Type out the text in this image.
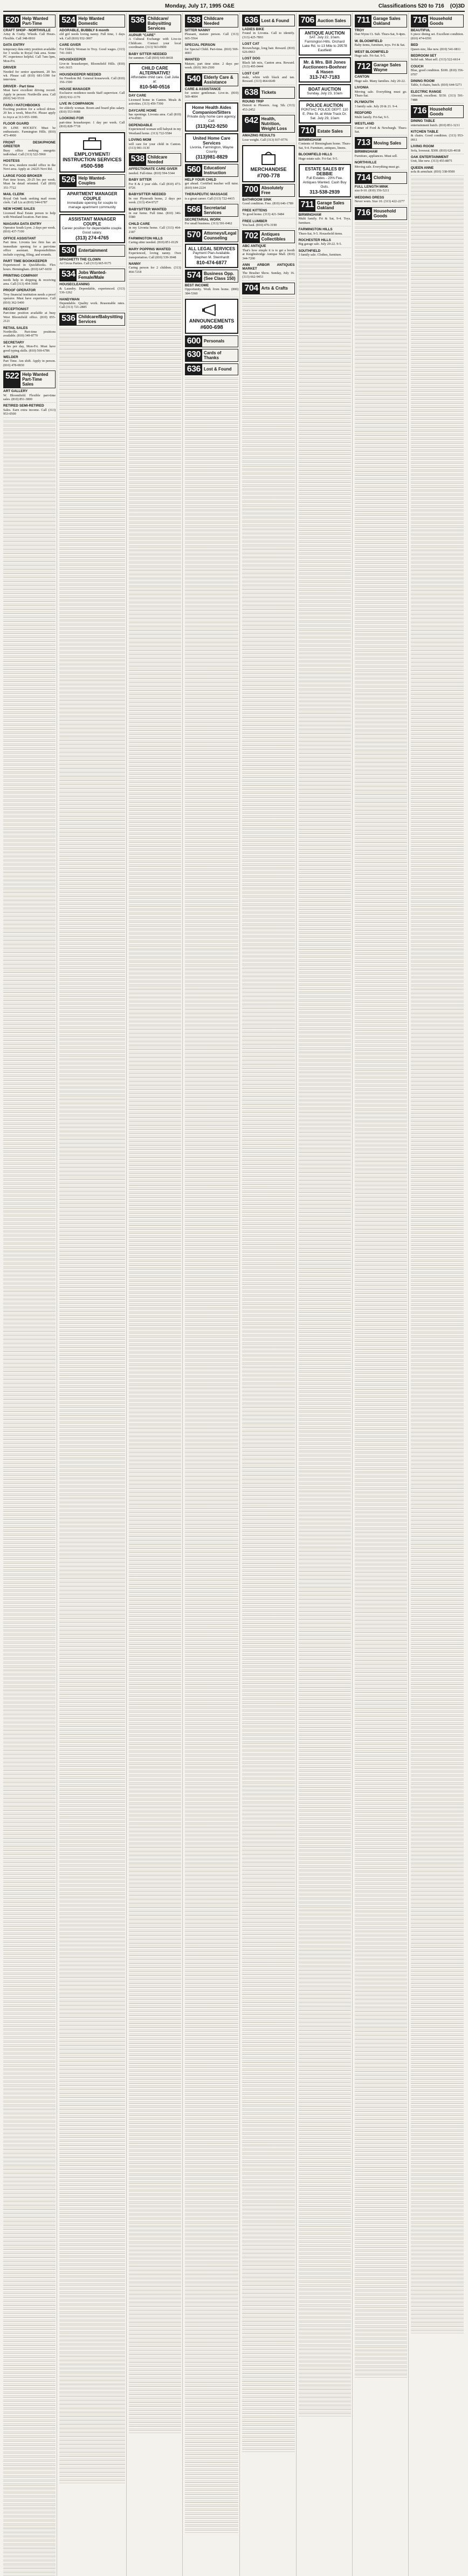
Monday, July 17, 1995 O&E	Classifications 520 to 716 (O)3D
520 Help Wanted Part-Time
CRAFT SHOP - NORTHVILLE
Artsy & Crafty. Wknds. Call Hours. Flexible. Call 348-0910
DATA ENTRY
temporary data entry position available for 3 weeks in Royal Oak area. Some PC experience helpful. Call 7am-3pm, Mon-Fri.
DRIVER
Needed for senior apartment, 20 hrs wk. Please call (810) 681-5390 for interview.
DRIVER - Part time
Must have excellent driving record. Apply in person: Northville area. Call (810) 542-5510
FARO / HATCHBOOKS
Exciting position for a school driver. 20 hrs a week, Mon-Fri. Please apply to Joyce at 313-953-1000.
FLOOR GUARD
IN LINE HOCKEY. Must be enthusiastic. Farmington Hills. (810) 473-4900
FRONT DESK/PHONE GREETER
Busy office seeking energetic individual. Call (313) 522-5960
HOSTESS
For new, modern model office in the Novi area. Apply at: 24225 Novi Rd.
LARGE FOOD BROKER
Part time hours, 20-25 hrs per week. Must be detail oriented. Call (810) 351-7722
MAIL CLERK
Royal Oak bank seeking mail room clerk. Call Liz at (810) 544-6787
NEW HOME SALES
Licensed Real Estate person to help with Westland location. Part time.
NIAGARA DATA ENTRY
Operator South Lyon. 2 days per week. (810) 437-7100
OFFICE ASSISTANT
Part time. Livonia law firm has an immediate opening for a part-time office assistant. Responsibilities include copying, filing, and errands.
PART TIME BOOKKEEPER
Experienced in QuickBooks. Flex hours. Birmingham. (810) 647-6650
PRINTING COMPANY
needs help in shipping & receiving area. Call (313) 454-3600
PROOF OPERATOR
Troy financial institution needs a proof operator. Must have experience. Call (810) 362-5400
RECEPTIONIST
Part-time position available at busy West Bloomfield office. (810) 855-2121
RETAIL SALES
Northville. Part-time positions available. (810) 349-8770
SECRETARY
4 hrs per day, Mon-Fri. Must have good typing skills. (810) 569-6786
WELDER
Part Time. Am shift. Apply in person. (810) 478-0830
522 Help Wanted Part-Time Sales
ART GALLERY
W. Bloomfield. Flexible part-time sales. (810) 851-3800
RETIRED SEMI-RETIRED
Sales. Earn extra income. Call (313) 953-0500
524 Help Wanted Domestic
ADORABLE, BUBBLY 6 month
old girl needs loving nanny. Full time, 1 days wk. Call (810) 932-3007
CARE GIVER
For Elderly Woman in Troy. Good wages. (313) 741-1601
HOUSEKEEPER
Live-in housekeeper, Bloomfield Hills. (810) 641-3615
HOUSEKEEPER NEEDED
for Freedom Rd. General housework. Call (810) 356-1500
HOUSE MANAGER
Exclusive residence needs Staff supervisor. Call (810) 932-1170
LIVE IN COMPANION
for elderly woman. Room and board plus salary. (810) 553-9088
LOOKING FOR
part-time housekeeper. 1 day per week. Call (810) 828-7718
EMPLOYMENT/ INSTRUCTION SERVICES
#500-598
526 Help Wanted-Couples
APARTMENT MANAGER COUPLE
Immediate opening for couple to manage apartment community
ASSISTANT MANAGER COUPLE
Career position for dependable couple. Good salary.
(313) 274-4765
530 Entertainment
SPAGHETTI THE CLOWN
At Circus Parties. Call (313) 665-9175
534 Jobs Wanted-Female/Male
HOUSECLEANING
& Laundry. Dependable, experienced. (313) 536-1262
HANDYMAN
Dependable. Quality work. Reasonable rates. Call (313) 721-2885
536 Childcare/Babysitting Services
536 Childcare/ Babysitting Services
AUPAIR "CARE"
A Cultural Exchange with Live-in Childcare. Contact your local coordinator. (313) 563-0900
BABY SITTER NEEDED
for summer. Call (810) 643-8418
CHILD CARE ALTERNATIVE!
Affordable child care. Call Julia at:
810-540-0516
DAY CARE
Licensed home in Canton. Meals & activities. (313) 459-7390
DAYCARE HOME
has openings. Livonia area. Call (810) 474-8583
DEPENDABLE
Experienced woman will babysit in my Westland home. (313) 722-5584
LOVING MOM
will care for your child in Canton. (313) 981-3130
538 Childcare Needed
AFFECTIONATE CARE GIVER
needed. Full-time. (810) 594-5344
BABY SITTER
For 8 & 2 year olds. Call (810) 473-0726
BABYSITTER NEEDED
In our Plymouth home, 2 days per week. (313) 454-9727
BABYSITTER WANTED
in our home. Full time. (810) 346-5580
CHILD CARE
in my Livonia home. Call (313) 464-2187
FARMINGTON HILLS
Caring sitter needed. (810) 851-0129
MARY POPPINS WANTED
Experienced, loving nanny. Own transportation. Call (810) 539-3048
NANNY
Caring person for 2 children. (313) 464-7218
538 Childcare Needed
SITTER NANNY
Pleasant, mature person. Call (313) 665-5564
SPECIAL PERSON
for Special Child. Part-time. (810) 569-4003
WANTED
Mature, part time sitter. 2 days per week. (810) 360-2500
540 Elderly Care & Assistance
CARE & ASSISTANCE
for senior gentleman. Live-in. (810) 569-4004
Home Health Aides Companion/Sitters
Private duty home care agency. Call:
(313)422-9250
United Home Care Services
Livonia, Farmington, Wayne County
(313)981-8829
560 Education/ Instruction
HELP YOUR CHILD
get ahead. Certified teacher will tutor. (810) 644-2224
THERAPEUTIC MASSAGE
is a great career. Call (313) 722-4415
566 Secretarial Services
SECRETARIAL WORK
For small business. (313) 591-0462
570 Attorneys/Legal Counseling
ALL LEGAL SERVICES
Payment Plan Available. Stephen M. Steinhardt
810-474-6877
574 Business Opp. (See Class 150)
BEST INCOME
Opportunity. Work from home. (800) 384-5360
ANNOUNCEMENTS
#600-698
600 Personals
630 Cards of Thanks
636 Lost & Found
636 Lost & Found
LADIES BIKE
Found in Livonia. Call to identify. (313) 425-7893
LOST CAT
Brown/beige, long hair. Reward. (810) 626-0663
LOST DOG
Black lab mix, Canton area. Reward. (313) 495-0444
LOST CAT
male, white with black and tan. Reward. (313) 464-6649
638 Tickets
ROUND TRIP
Detroit to Phoenix. Aug. 5th. (313) 453-2452
642 Health, Nutrition, Weight Loss
AMAZING RESULTS
Lose weight. Call (313) 937-9776
MERCHANDISE
#700-778
700 Absolutely Free
BATHROOM SINK
Good condition. Free. (810) 646-1789
FREE KITTENS
To good home. (313) 421-5484
FREE LUMBER
You haul. (810) 476-3190
702 Antiques Collectibles
ABC ANTIQUE
That's how simple it is to get a booth at Knightsbridge Antique Mall. (810) 344-7200
ANN ARBOR ANTIQUES MARKET
The Brusher Show. Sunday, July 16. (313) 662-9453
704 Arts & Crafts
706 Auction Sales
ANTIQUE AUCTION
SAT. July 22, 10am. Farmington Hills. Orchard Lake Rd. to 13 Mile to 29578 Eastfield
Mr. & Mrs. Bill Jones Auctioneers-Boehner & Hasen
313-747-7183
BOAT AUCTION
Sunday, July 23, 10am
POLICE AUCTION
PONTIAC POLICE DEPT. 110 E. Pike St. at Wide Track Dr. Sat. July 29, 10am
710 Estate Sales
BIRMINGHAM
Contents of Birmingham home. Thurs-Sat, 9-4. Furniture, antiques, linens.
BLOOMFIELD HILLS
Huge estate sale. Fri-Sat. 9-5.
ESTATE SALES BY DEBBIE
Full Estates - 20% Fee. Antiques Wanted. Cash Buy Outs.
313-538-2939
711 Garage Sales Oakland
BIRMINGHAM
Multi family. Fri & Sat, 9-4. Toys, furniture.
FARMINGTON HILLS
Thurs-Sat, 9-5. Household items.
ROCHESTER HILLS
Big garage sale. July 20-22. 9-5.
SOUTHFIELD
3 family sale. Clothes, furniture.
711 Garage Sales Oakland
TROY
Dan Wynn Ct. Sub. Thurs-Sat, 9-4pm.
W. BLOOMFIELD
Baby items, furniture, toys. Fri & Sat.
WEST BLOOMFIELD
Huge sale. Fri-Sat. 9-5.
712 Garage Sales Wayne
CANTON
Huge sale. Many families. July 20-22.
LIVONIA
Moving sale. Everything must go. Thurs-Sat.
PLYMOUTH
3 family sale. July 20 & 21. 9-4.
REDFORD
Multi family. Fri-Sat, 9-5.
WESTLAND
Corner of Ford & Newburgh. Thurs-Sat.
713 Moving Sales
BIRMINGHAM
Furniture, appliances. Must sell.
NORTHVILLE
Moving sale. Everything must go.
714 Clothing
FULL LENGTH MINK
size 8-10. (810) 356-5211
WEDDING DRESS
Never worn. Size 10. (313) 422-2277
716 Household Goods
716 Household Goods
BEAUTIFUL
6 piece dining set. Excellent condition. (810) 474-6591
BED
Queen size, like new. (810) 541-0811
BEDROOM SET
Solid oak. Must sell. (313) 522-6614
COUCH
Blue, good condition. $100. (810) 356-0707
DINING ROOM
Table, 6 chairs, hutch. (810) 644-5271
ELECTRIC RANGE
Almond, excellent. $150. (313) 591-7488
716 Household Goods
DINING TABLE
entertainment hutch. (810) 851-3211
KITCHEN TABLE
& chairs. Good condition. (313) 953-0911
LIVING ROOM
Sofa, loveseat. $300. (810) 626-4018
OAK ENTERTAINMENT
Unit, like new. (313) 455-8875
QUEEN ANNE
sofa & armchair. (810) 338-9500
